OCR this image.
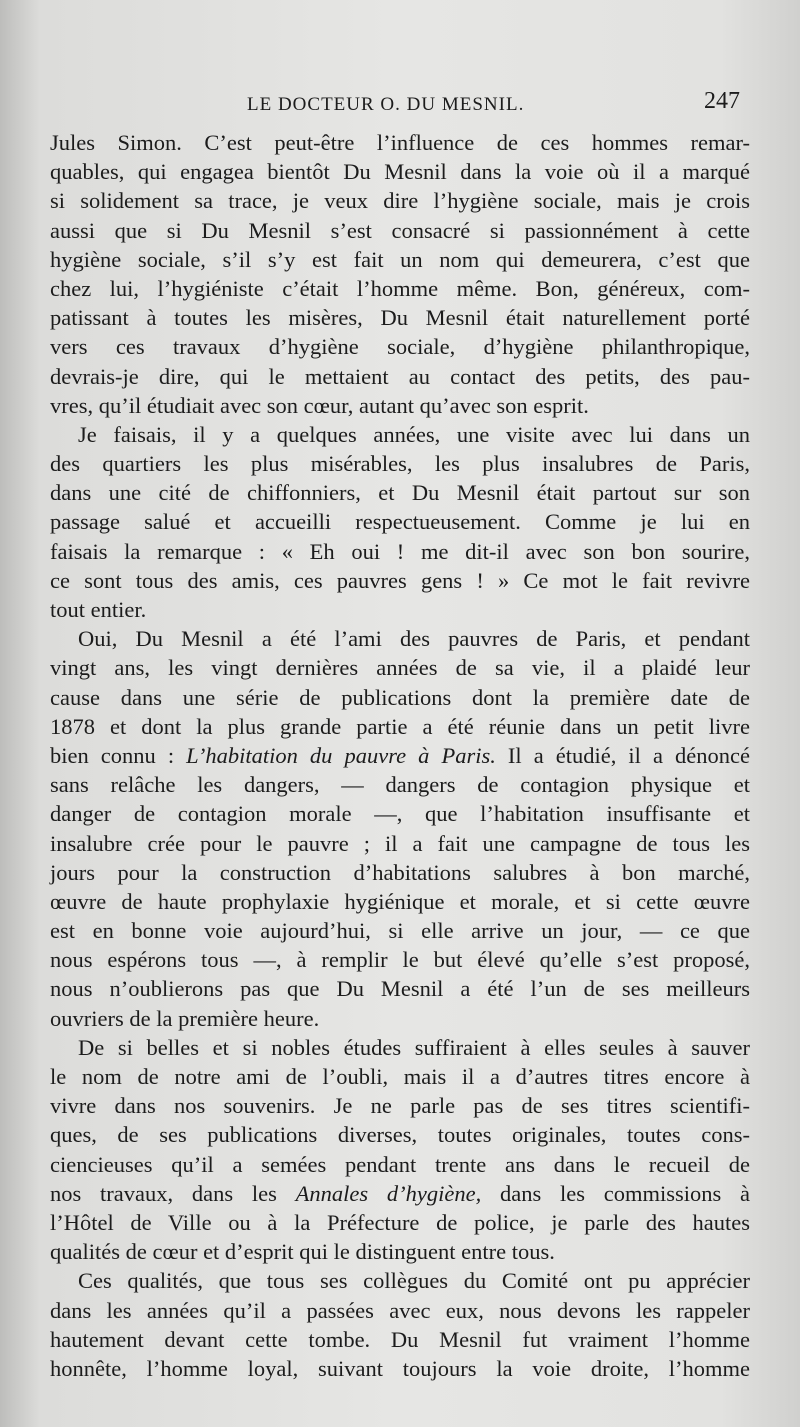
LE DOCTEUR O. DU MESNIL.	247
Jules Simon. C’est peut-être l’influence de ces hommes remar-
quables, qui engagea bientôt Du Mesnil dans la voie où il a marqué
si solidement sa trace, je veux dire l’hygiène sociale, mais je crois
aussi que si Du Mesnil s’est consacré si passionnément à cette
hygiène sociale, s’il s’y est fait un nom qui demeurera, c’est que
chez lui, l’hygiéniste c’était l’homme même. Bon, généreux, com-
patissant à toutes les misères, Du Mesnil était naturellement porté
vers ces travaux d’hygiène sociale, d’hygiène philanthropique,
devrais-je dire, qui le mettaient au contact des petits, des pau-
vres, qu’il étudiait avec son cœur, autant qu’avec son esprit.
Je faisais, il y a quelques années, une visite avec lui dans un
des quartiers les plus misérables, les plus insalubres de Paris,
dans une cité de chiffonniers, et Du Mesnil était partout sur son
passage salué et accueilli respectueusement. Comme je lui en
faisais la remarque : « Eh oui ! me dit-il avec son bon sourire,
ce sont tous des amis, ces pauvres gens ! » Ce mot le fait revivre
tout entier.
Oui, Du Mesnil a été l’ami des pauvres de Paris, et pendant
vingt ans, les vingt dernières années de sa vie, il a plaidé leur
cause dans une série de publications dont la première date de
1878 et dont la plus grande partie a été réunie dans un petit livre
bien connu : L’habitation du pauvre à Paris. Il a étudié, il a dénoncé
sans relâche les dangers, — dangers de contagion physique et
danger de contagion morale —, que l’habitation insuffisante et
insalubre crée pour le pauvre ; il a fait une campagne de tous les
jours pour la construction d’habitations salubres à bon marché,
œuvre de haute prophylaxie hygiénique et morale, et si cette œuvre
est en bonne voie aujourd’hui, si elle arrive un jour, — ce que
nous espérons tous —, à remplir le but élevé qu’elle s’est proposé,
nous n’oublierons pas que Du Mesnil a été l’un de ses meilleurs
ouvriers de la première heure.
De si belles et si nobles études suffiraient à elles seules à sauver
le nom de notre ami de l’oubli, mais il a d’autres titres encore à
vivre dans nos souvenirs. Je ne parle pas de ses titres scientifi-
ques, de ses publications diverses, toutes originales, toutes cons-
ciencieuses qu’il a semées pendant trente ans dans le recueil de
nos travaux, dans les Annales d’hygiène, dans les commissions à
l’Hôtel de Ville ou à la Préfecture de police, je parle des hautes
qualités de cœur et d’esprit qui le distinguent entre tous.
Ces qualités, que tous ses collègues du Comité ont pu apprécier
dans les années qu’il a passées avec eux, nous devons les rappeler
hautement devant cette tombe. Du Mesnil fut vraiment l’homme
honnête, l’homme loyal, suivant toujours la voie droite, l’homme
